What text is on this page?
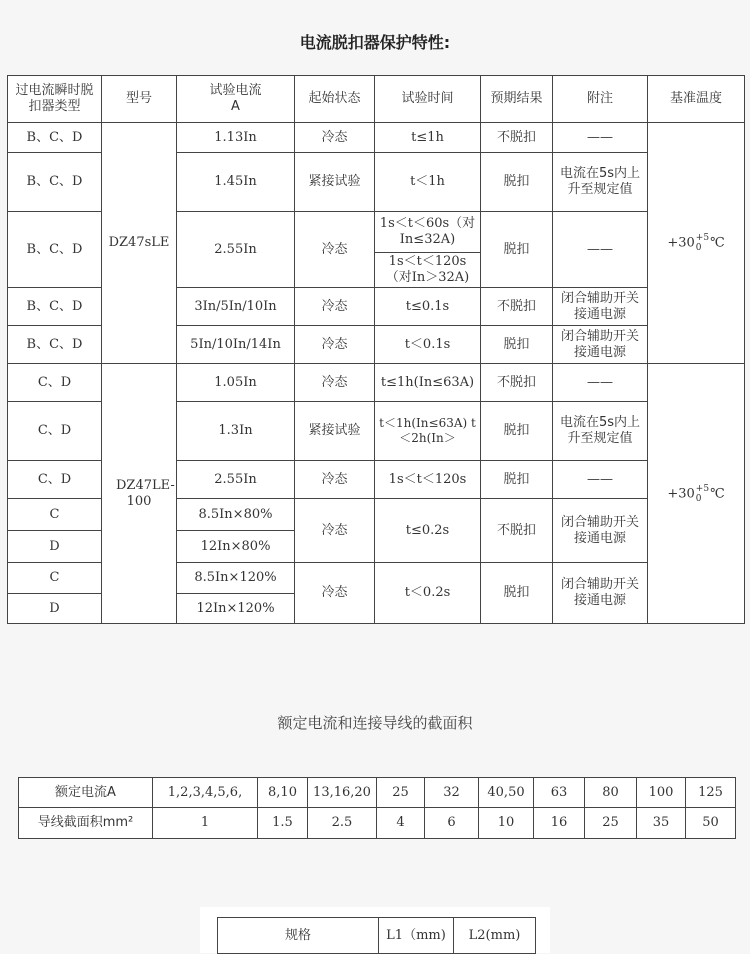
电流脱扣器保护特性:
过电流瞬时脱扣器类型	型号	试验电流
A	起始状态	试验时间	预期结果	附注	基准温度
B、C、D	DZ47sLE	1.13In	冷态	t≤1h	不脱扣	——	+30 +5
0 ℃
B、C、D		1.45In	紧接试验	t＜1h	脱扣	电流在5s内上升至规定值	
B、C、D		2.55In	冷态	1s＜t＜60s（对In≤32A)	脱扣	——	
				1s＜t＜120s（对In＞32A)			
B、C、D		3In/5In/10In	冷态	t≤0.1s	不脱扣	闭合辅助开关接通电源	
B、C、D		5In/10In/14In	冷态	t＜0.1s	脱扣	闭合辅助开关接通电源	
C、D	DZ47LE-100	1.05In	冷态	t≤1h(In≤63A)	不脱扣	——	+30 +5
0 ℃
C、D		1.3In	紧接试验	t＜1h(In≤63A) t＜2h(In＞	脱扣	电流在5s内上升至规定值	
C、D		2.55In	冷态	1s＜t＜120s	脱扣	——	
C		8.5In×80%	冷态	t≤0.2s	不脱扣	闭合辅助开关接通电源	
D		12In×80%					
C		8.5In×120%	冷态	t＜0.2s	脱扣	闭合辅助开关接通电源	
D		12In×120%					
额定电流和连接导线的截面积
额定电流A	1,2,3,4,5,6,	8,10	13,16,20	25	32	40,50	63	80	100	125
导线截面积mm²	1	1.5	2.5	4	6	10	16	25	35	50
规格	L1（mm)	L2(mm)
